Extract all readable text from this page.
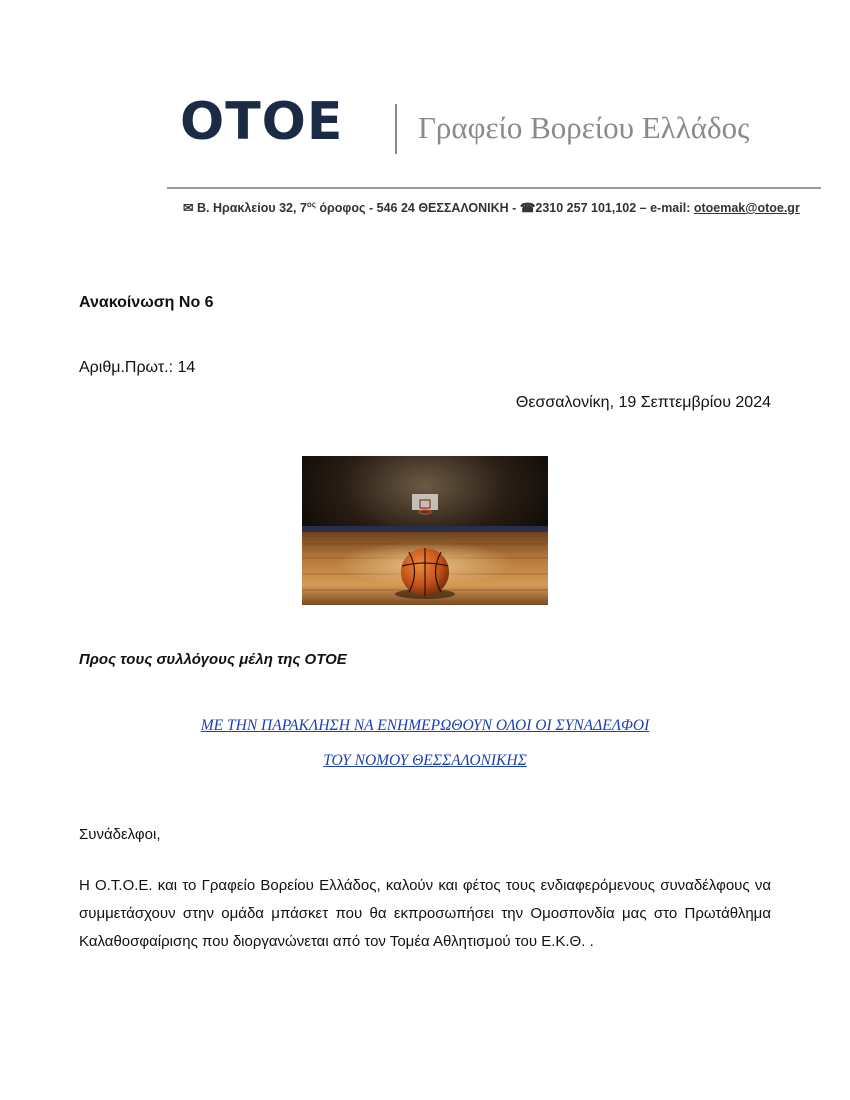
ΟΤΟΕ Γραφείο Βορείου Ελλάδος
✉ Β. Ηρακλείου 32, $7^{o\varsigma}$ όροφος - 546 24 ΘΕΣΣΑΛΟΝΙΚΗ - ☎2310 257 101,102 – e-mail: otoemak@otoe.gr
Ανακοίνωση Νο 6
Αριθμ.Πρωτ.: 14
Θεσσαλονίκη, 19 Σεπτεμβρίου 2024
Προς τους συλλόγους μέλη της ΟΤΟΕ
ΜΕ ΤΗΝ ΠΑΡΑΚΛΗΣΗ ΝΑ ΕΝΗΜΕΡΩΘΟΥΝ ΟΛΟΙ ΟΙ ΣΥΝΑΔΕΛΦΟΙ
ΤΟΥ ΝΟΜΟΥ ΘΕΣΣΑΛΟΝΙΚΗΣ
Συνάδελφοι,
Η Ο.Τ.Ο.Ε. και το Γραφείο Βορείου Ελλάδος, καλούν και φέτος τους ενδιαφερόμενους συναδέλφους να συμμετάσχουν στην ομάδα μπάσκετ που θα εκπροσωπήσει την Ομοσπονδία μας στο Πρωτάθλημα Καλαθοσφαίρισης που διοργανώνεται από τον Τομέα Αθλητισμού του Ε.Κ.Θ. .
